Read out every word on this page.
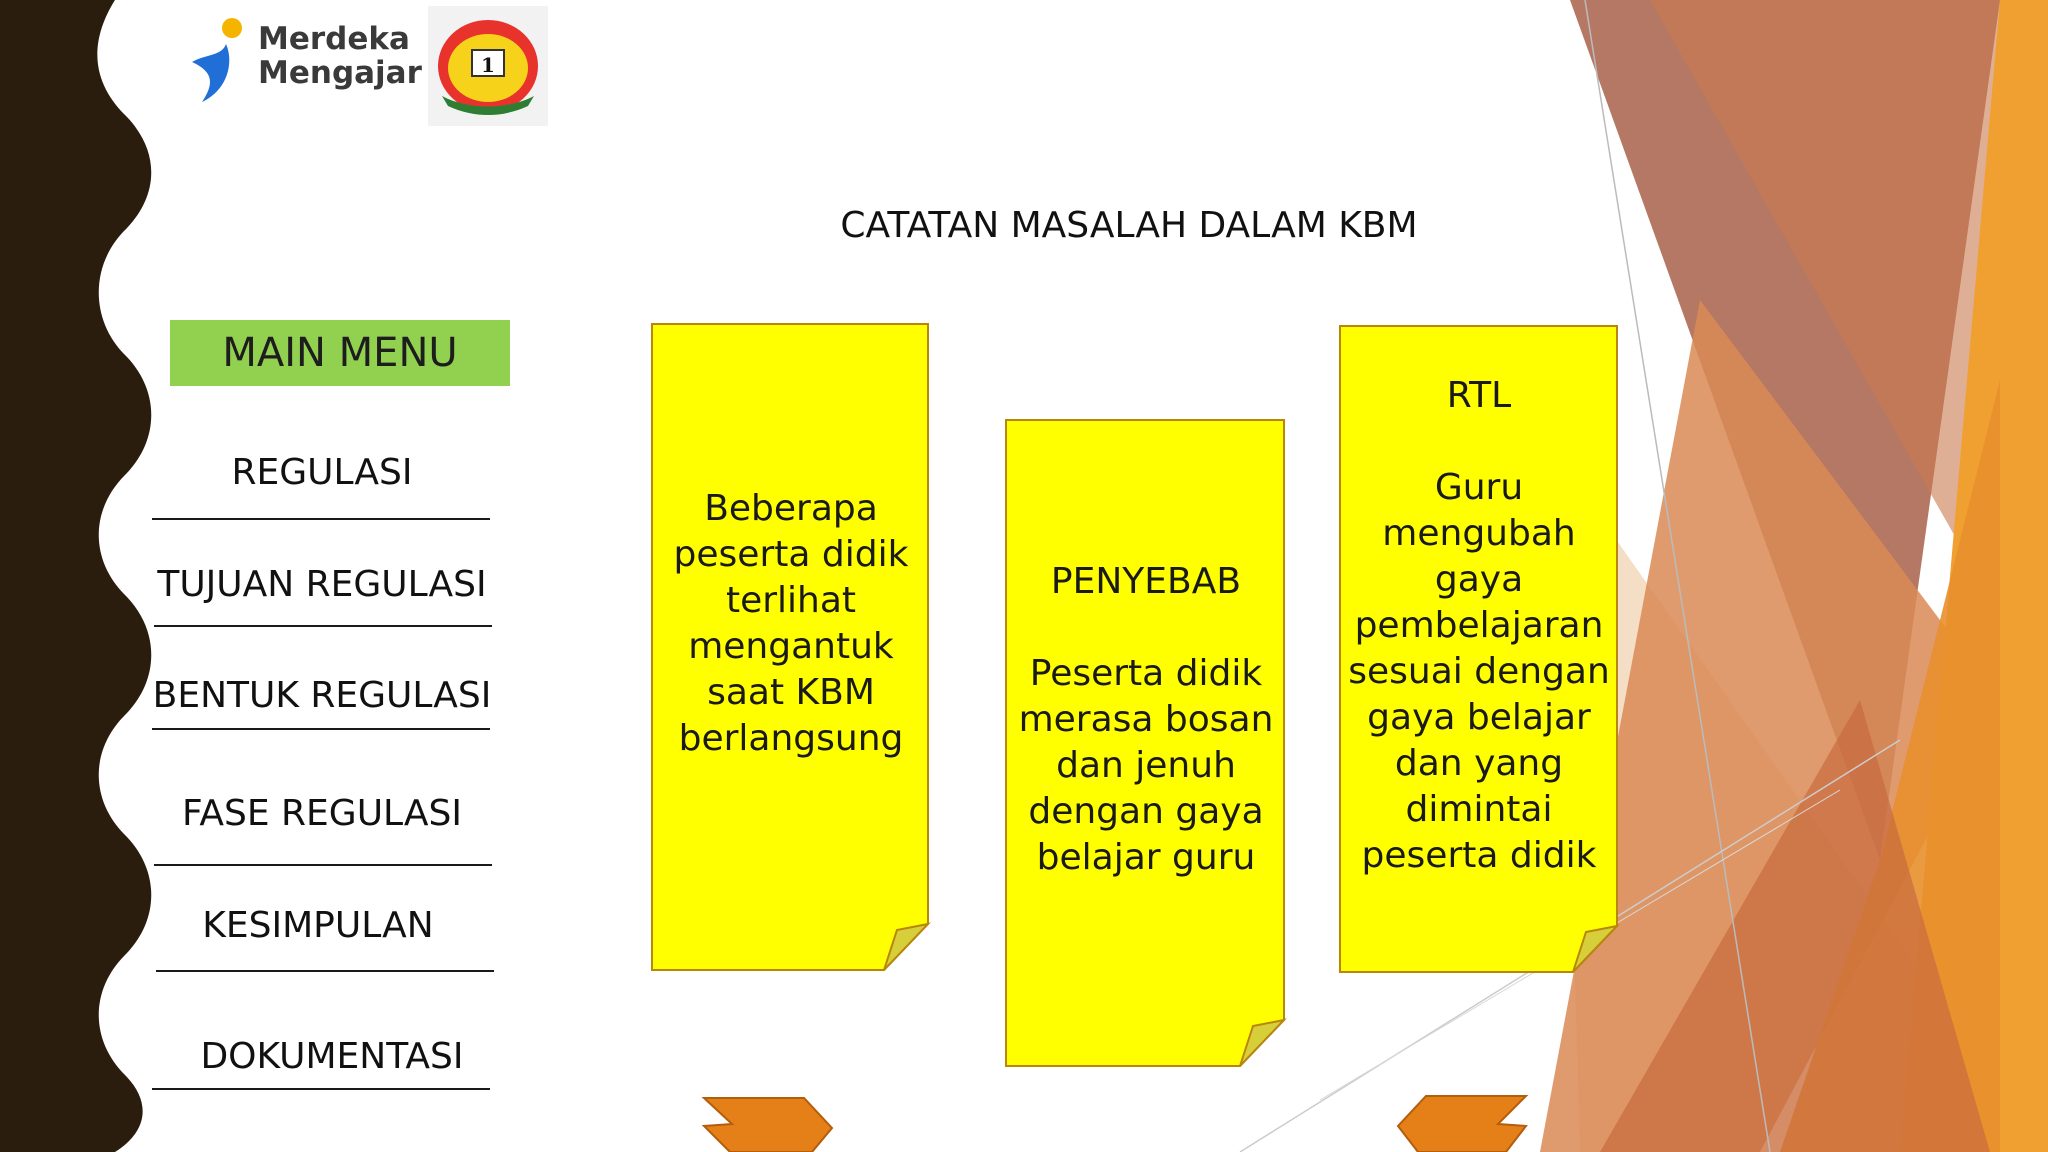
Merdeka
Mengajar	1
CATATAN MASALAH DALAM KBM
MAIN MENU
REGULASI
TUJUAN REGULASI
BENTUK REGULASI
FASE REGULASI
KESIMPULAN
DOKUMENTASI
Beberapa
peserta didik
terlihat
mengantuk
saat KBM
berlangsung
PENYEBAB

Peserta didik
merasa bosan
dan jenuh
dengan gaya
belajar guru
RTL

Guru
mengubah
gaya
pembelajaran
sesuai dengan
gaya belajar
dan yang
dimintai
peserta didik
